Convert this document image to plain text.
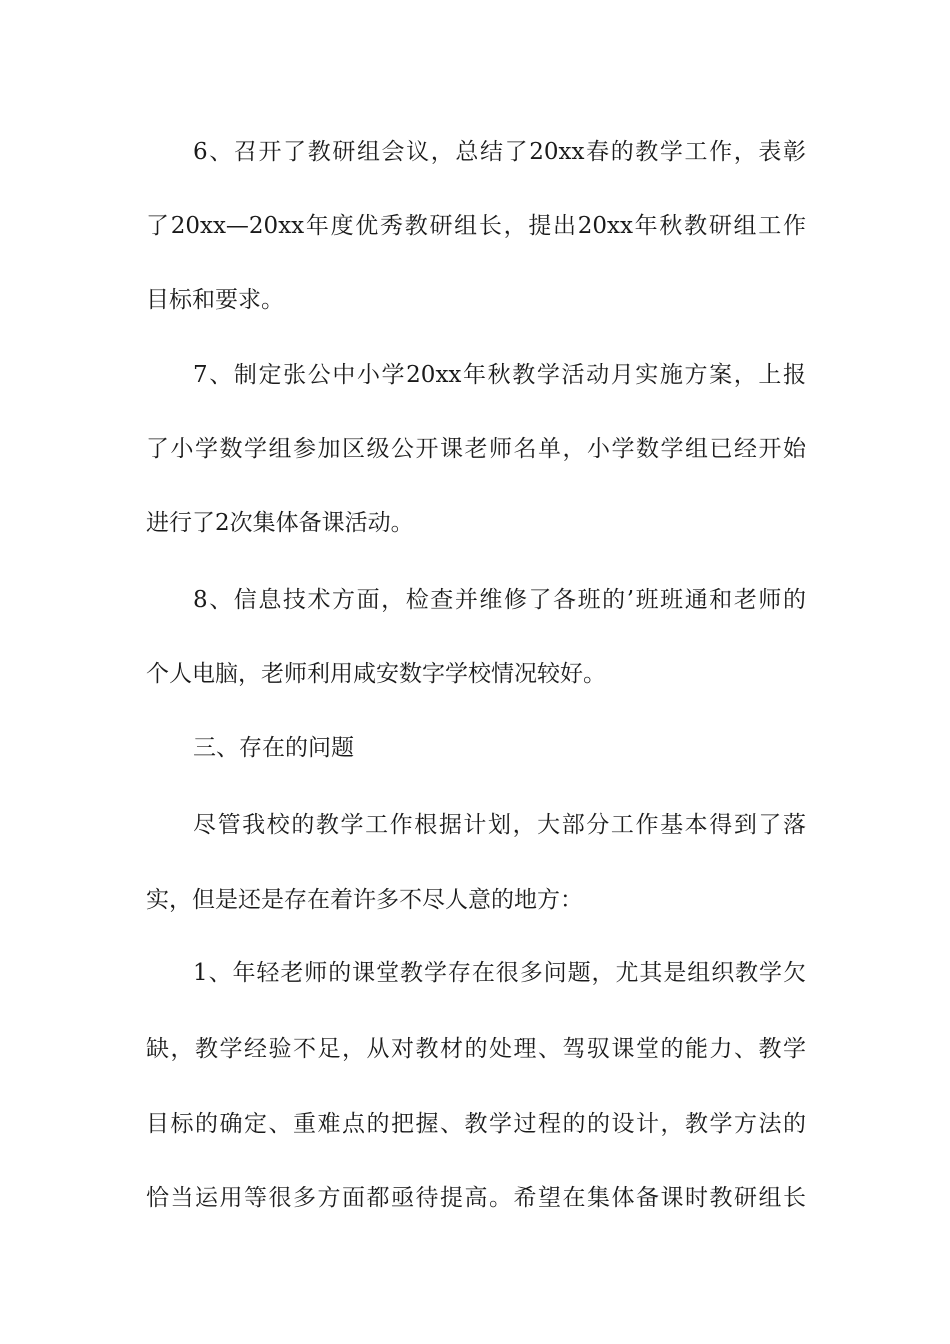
6、召开了教研组会议，总结了20xx春的教学工作，表彰
了20xx—20xx年度优秀教研组长，提出20xx年秋教研组工作
目标和要求。
7、制定张公中小学20xx年秋教学活动月实施方案，上报
了小学数学组参加区级公开课老师名单，小学数学组已经开始
进行了2次集体备课活动。
8、信息技术方面，检查并维修了各班的’班班通和老师的
个人电脑，老师利用咸安数字学校情况较好。
三、存在的问题
尽管我校的教学工作根据计划，大部分工作基本得到了落
实，但是还是存在着许多不尽人意的地方：
1、年轻老师的课堂教学存在很多问题，尤其是组织教学欠
缺，教学经验不足，从对教材的处理、驾驭课堂的能力、教学
目标的确定、重难点的把握、教学过程的的设计，教学方法的
恰当运用等很多方面都亟待提高。希望在集体备课时教研组长
